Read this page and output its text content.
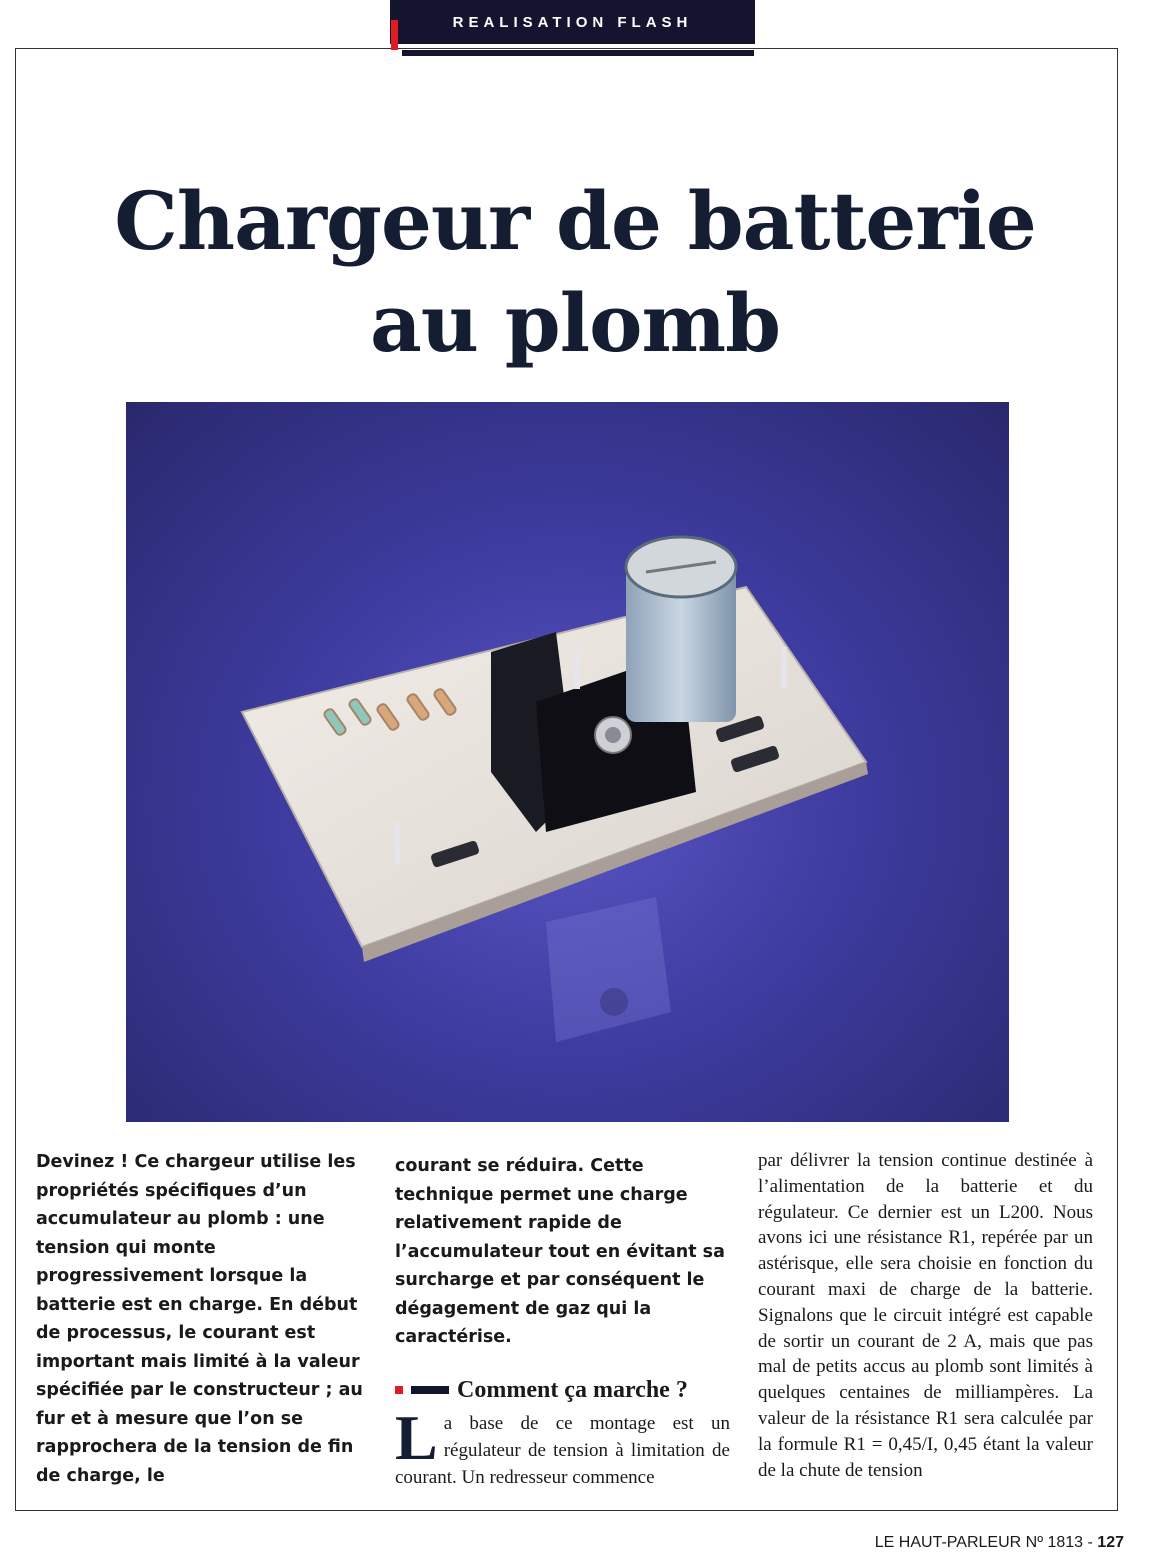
REALISATION FLASH
Chargeur de batterie
au plomb
Devinez ! Ce chargeur utilise les propriétés spécifiques d’un accumulateur au plomb : une tension qui monte progressivement lorsque la batterie est en charge. En début de processus, le courant est important mais limité à la valeur spécifiée par le constructeur ; au fur et à mesure que l’on se rapprochera de la tension de fin de charge, le
courant se réduira. Cette technique permet une charge relativement rapide de l’accumulateur tout en évitant sa surcharge et par conséquent le dégagement de gaz qui la caractérise.
Comment ça marche ?
L a base de ce montage est un régulateur de tension à limitation de courant. Un redresseur commence
par délivrer la tension continue destinée à l’alimentation de la batterie et du régulateur. Ce dernier est un L200. Nous avons ici une résistance R1, repérée par un astérisque, elle sera choisie en fonction du courant maxi de charge de la batterie. Signalons que le circuit intégré est capable de sortir un courant de 2 A, mais que pas mal de petits accus au plomb sont limités à quelques centaines de milliampères. La valeur de la résistance R1 sera calculée par la formule R1 = 0,45/I, 0,45 étant la valeur de la chute de tension
LE HAUT-PARLEUR Nº 1813 - 127
